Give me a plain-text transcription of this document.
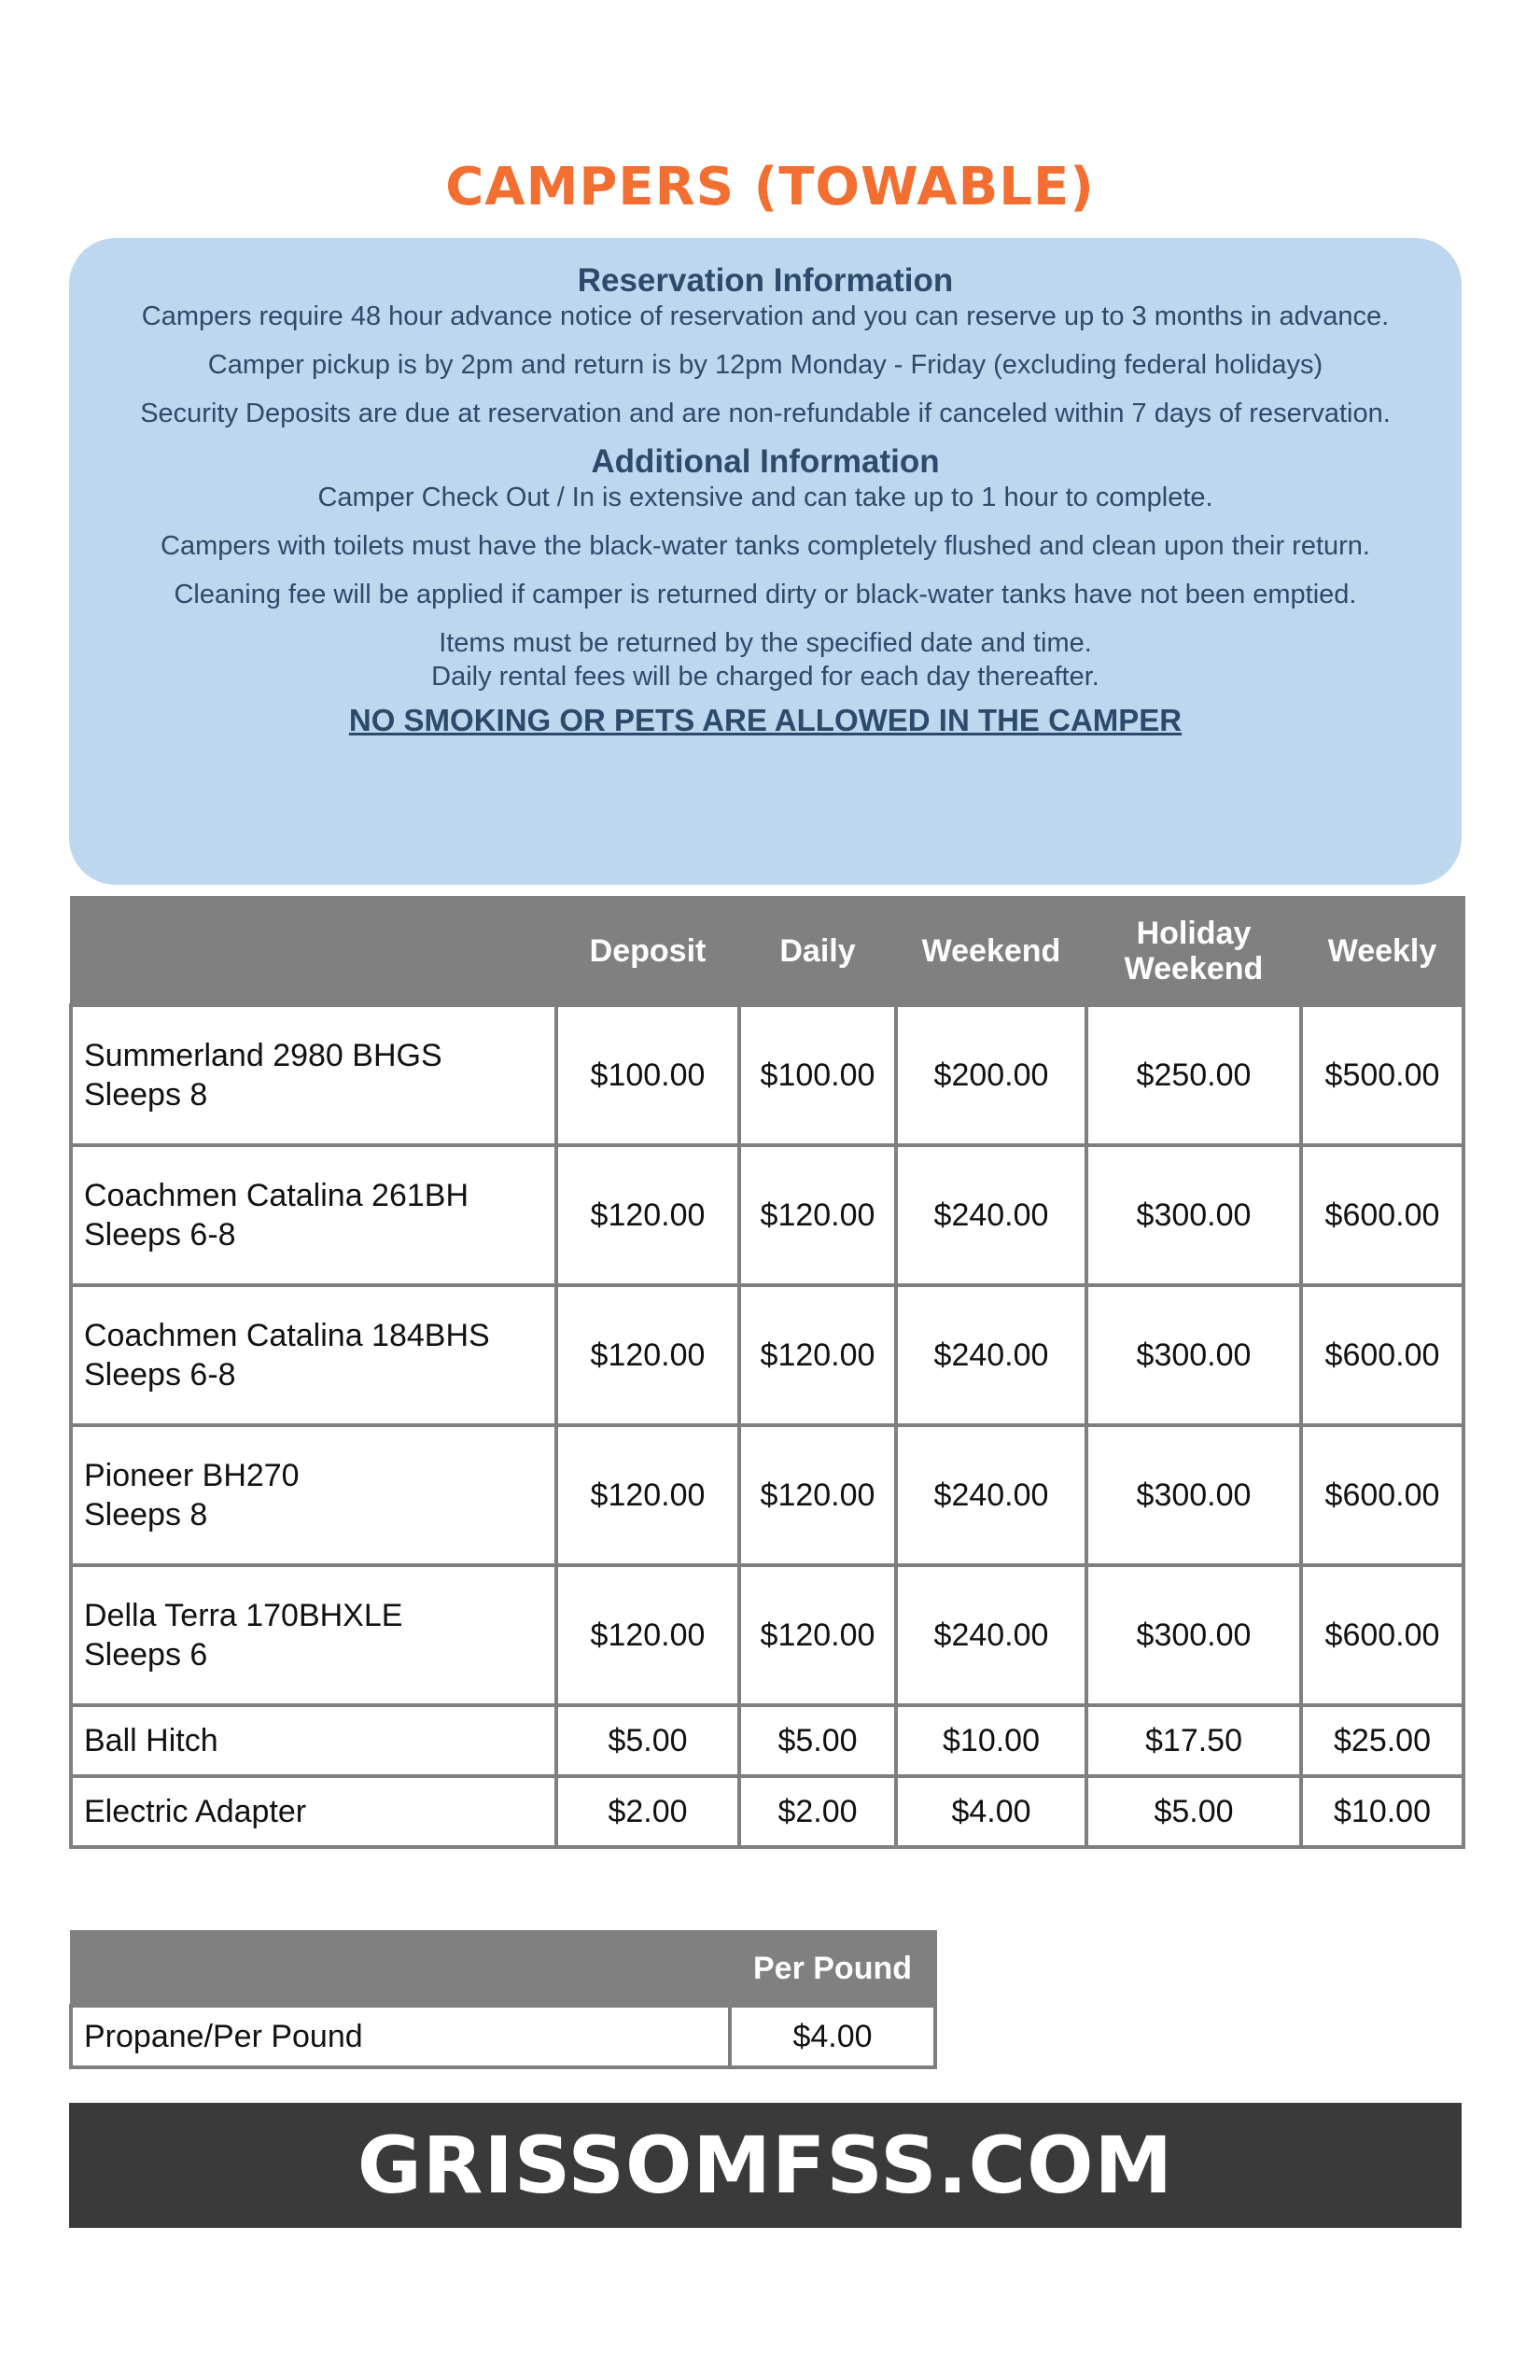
CAMPERS (TOWABLE)

Reservation Information

Campers require 48 hour advance notice of reservation and you can reserve up to 3 months in advance.

Camper pickup is by 2pm and return is by 12pm Monday - Friday (excluding federal holidays)

Security Deposits are due at reservation and are non-refundable if canceled within 7 days of reservation.

Additional Information

Camper Check Out / In is extensive and can take up to 1 hour to complete.

Campers with toilets must have the black-water tanks completely flushed and clean upon their return.

Cleaning fee will be applied if camper is returned dirty or black-water tanks have not been emptied.

Items must be returned by the specified date and time.
Daily rental fees will be charged for each day thereafter.

NO SMOKING OR PETS ARE ALLOWED IN THE CAMPER

	Deposit	Daily	Weekend	Holiday Weekend	Weekly
Summerland 2980 BHGS
Sleeps 8	$100.00	$100.00	$200.00	$250.00	$500.00
Coachmen Catalina 261BH
Sleeps 6-8	$120.00	$120.00	$240.00	$300.00	$600.00
Coachmen Catalina 184BHS
Sleeps 6-8	$120.00	$120.00	$240.00	$300.00	$600.00
Pioneer BH270
Sleeps 8	$120.00	$120.00	$240.00	$300.00	$600.00
Della Terra 170BHXLE
Sleeps 6	$120.00	$120.00	$240.00	$300.00	$600.00
Ball Hitch	$5.00	$5.00	$10.00	$17.50	$25.00
Electric Adapter	$2.00	$2.00	$4.00	$5.00	$10.00
	Per Pound
Propane/Per Pound	$4.00
GRISSOMFSS.COM
